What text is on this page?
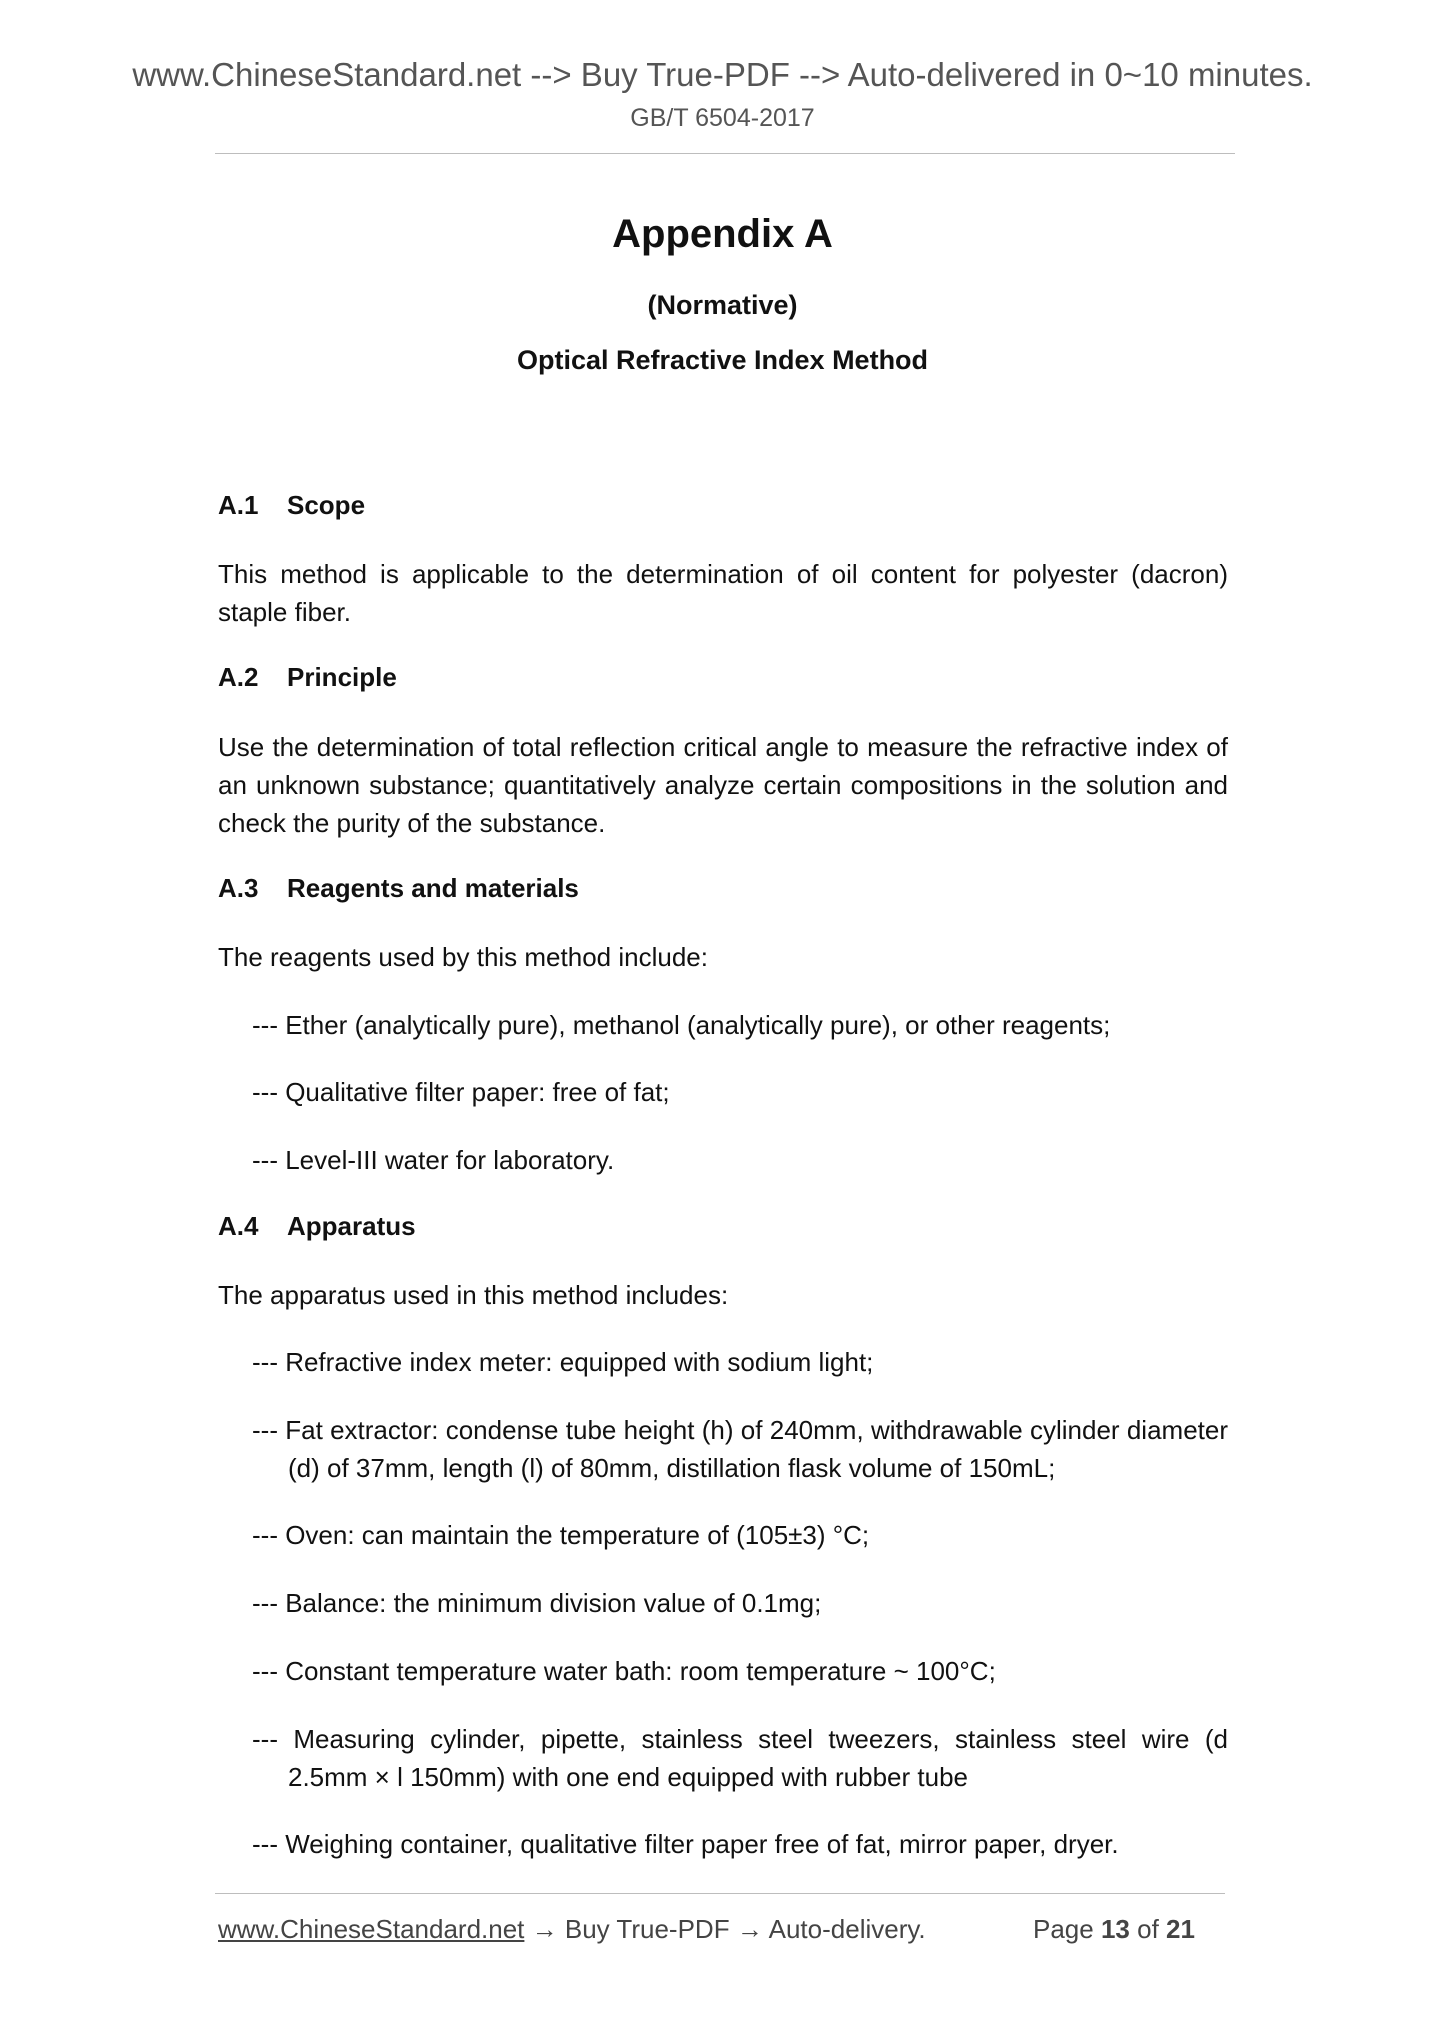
www.ChineseStandard.net --> Buy True-PDF --> Auto-delivered in 0~10 minutes.
GB/T 6504-2017
Appendix A
(Normative)
Optical Refractive Index Method
A.1 Scope
This method is applicable to the determination of oil content for polyester (dacron) staple fiber.
A.2 Principle
Use the determination of total reflection critical angle to measure the refractive index of an unknown substance; quantitatively analyze certain compositions in the solution and check the purity of the substance.
A.3 Reagents and materials
The reagents used by this method include:
--- Ether (analytically pure), methanol (analytically pure), or other reagents;
--- Qualitative filter paper: free of fat;
--- Level-III water for laboratory.
A.4 Apparatus
The apparatus used in this method includes:
--- Refractive index meter: equipped with sodium light;
--- Fat extractor: condense tube height (h) of 240mm, withdrawable cylinder diameter (d) of 37mm, length (l) of 80mm, distillation flask volume of 150mL;
--- Oven: can maintain the temperature of (105±3) °C;
--- Balance: the minimum division value of 0.1mg;
--- Constant temperature water bath: room temperature ~ 100°C;
--- Measuring cylinder, pipette, stainless steel tweezers, stainless steel wire (d 2.5mm × l 150mm) with one end equipped with rubber tube
--- Weighing container, qualitative filter paper free of fat, mirror paper, dryer.
www.ChineseStandard.net → Buy True-PDF → Auto-delivery.	Page 13 of 21
